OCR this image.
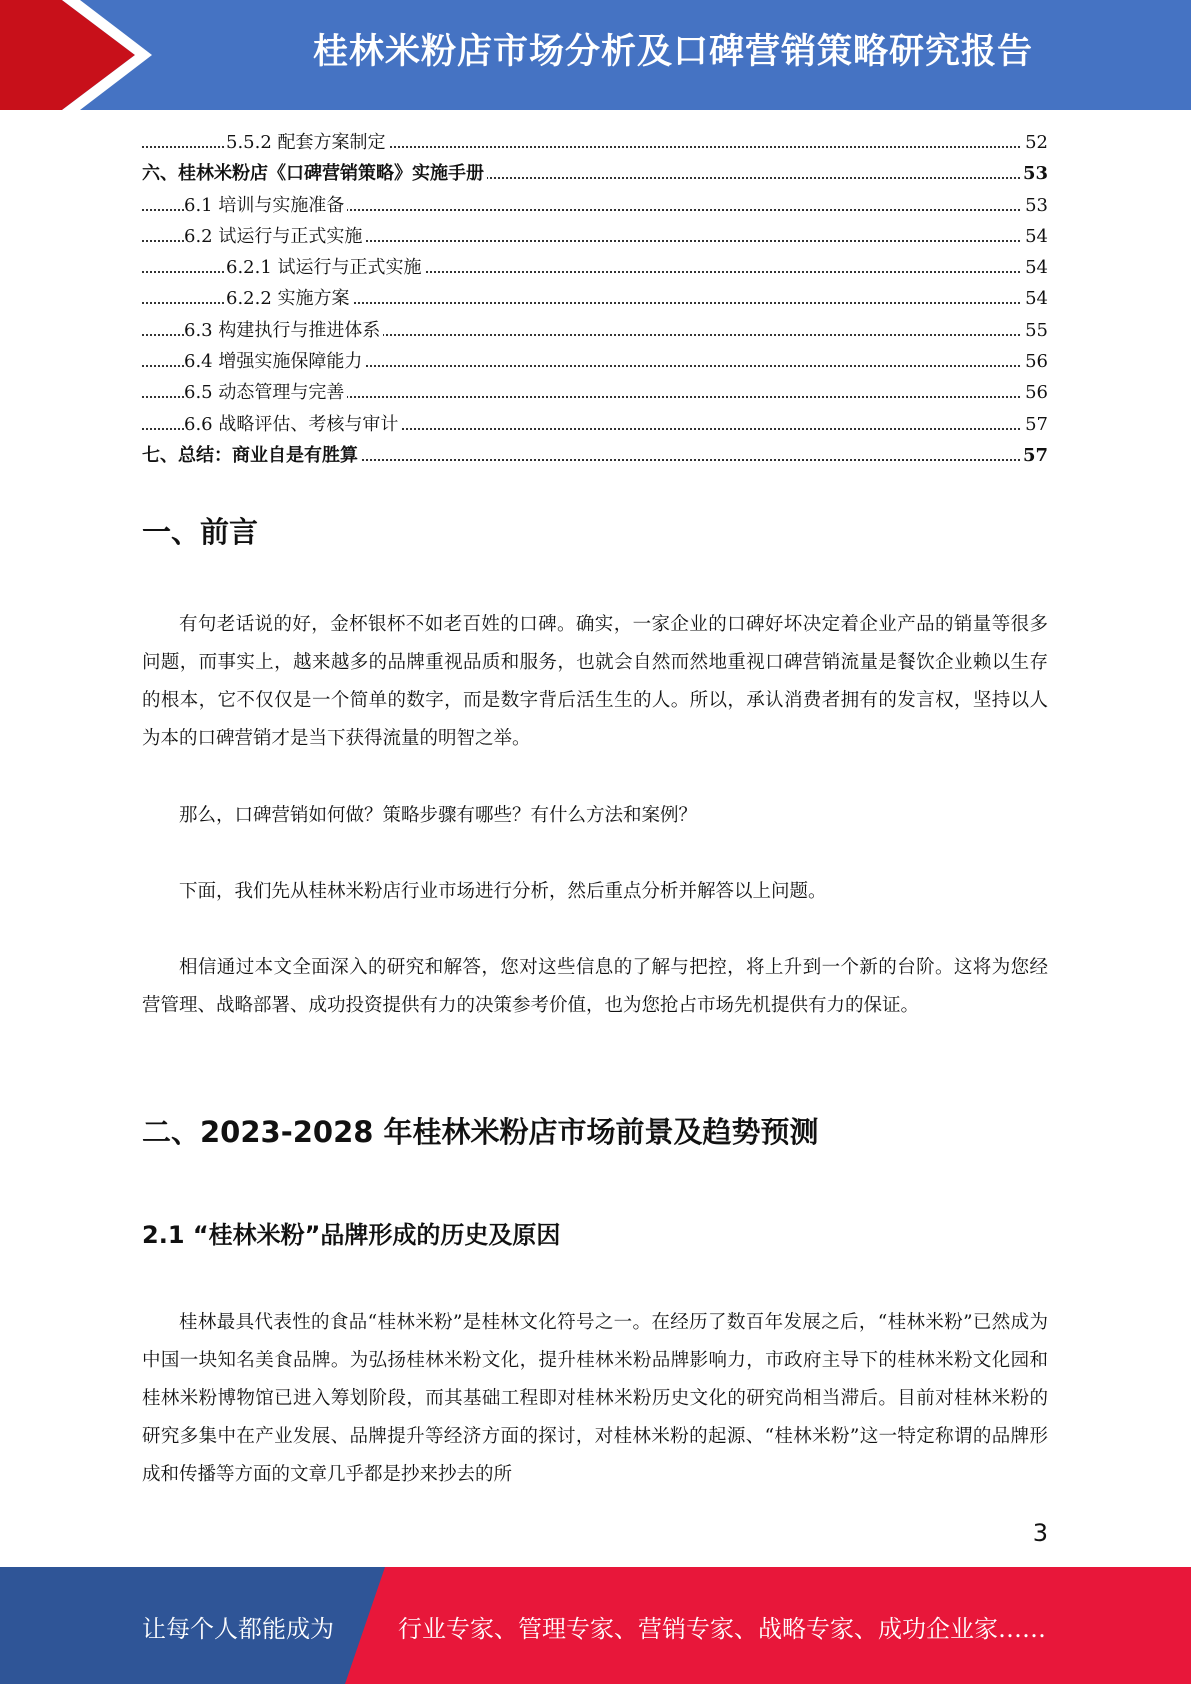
桂林米粉店市场分析及口碑营销策略研究报告
5.5.2 配套方案制定	52
六、桂林米粉店《口碑营销策略》实施手册	53
6.1 培训与实施准备	53
6.2 试运行与正式实施	54
6.2.1 试运行与正式实施	54
6.2.2 实施方案	54
6.3 构建执行与推进体系	55
6.4 增强实施保障能力	56
6.5 动态管理与完善	56
6.6 战略评估、考核与审计	57
七、总结：商业自是有胜算	57
一、前言

有句老话说的好，金杯银杯不如老百姓的口碑。确实，一家企业的口碑好坏决定着企业产品的销量等很多问题，而事实上，越来越多的品牌重视品质和服务，也就会自然而然地重视口碑营销流量是餐饮企业赖以生存的根本，它不仅仅是一个简单的数字，而是数字背后活生生的人。所以，承认消费者拥有的发言权，坚持以人为本的口碑营销才是当下获得流量的明智之举。

那么，口碑营销如何做？策略步骤有哪些？有什么方法和案例？

下面，我们先从桂林米粉店行业市场进行分析，然后重点分析并解答以上问题。

相信通过本文全面深入的研究和解答，您对这些信息的了解与把控，将上升到一个新的台阶。这将为您经营管理、战略部署、成功投资提供有力的决策参考价值，也为您抢占市场先机提供有力的保证。

二、2023-2028 年桂林米粉店市场前景及趋势预测
2.1 “桂林米粉”品牌形成的历史及原因

桂林最具代表性的食品“桂林米粉”是桂林文化符号之一。在经历了数百年发展之后，“桂林米粉”已然成为中国一块知名美食品牌。为弘扬桂林米粉文化，提升桂林米粉品牌影响力，市政府主导下的桂林米粉文化园和桂林米粉博物馆已进入筹划阶段，而其基础工程即对桂林米粉历史文化的研究尚相当滞后。目前对桂林米粉的研究多集中在产业发展、品牌提升等经济方面的探讨，对桂林米粉的起源、“桂林米粉”这一特定称谓的品牌形成和传播等方面的文章几乎都是抄来抄去的所

3
让每个人都能成为	行业专家、管理专家、营销专家、战略专家、成功企业家……
